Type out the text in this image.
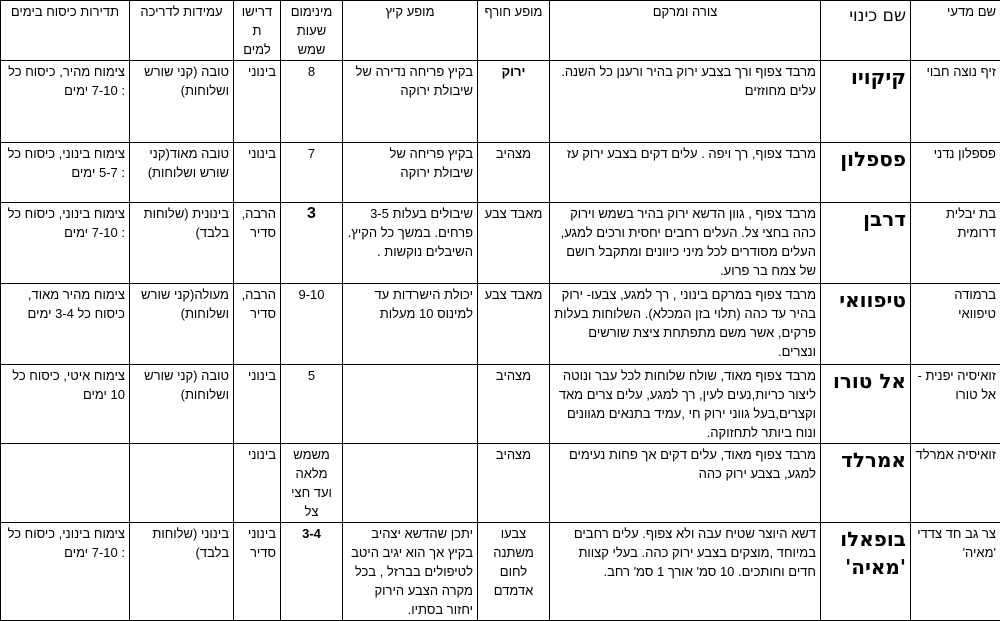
שם מדעי	שם כינוי	צורה ומרקם	מופע חורף	מופע קיץ	מינימום שעות שמש	דרישות למים	עמידות לדריכה	תדירות כיסוח בימים
זיף נוצה חבוי	קיקויו	מרבד צפוף ורך בצבע ירוק בהיר ורענן כל השנה. עלים מחוזזים	ירוק	בקיץ פריחה נדירה של שיבולת ירוקה	8	בינוני	טובה (קני שורש ושלוחות)	צימוח מהיר, כיסוח כל : 7-10 ימים
פספלון נדני	פספלון	מרבד צפוף, רך ויפה . עלים דקים בצבע ירוק עז	מצהיב	בקיץ פריחה של שיבולת ירוקה	7	בינוני	טובה מאוד(קני שורש ושלוחות)	צימוח בינוני, כיסוח כל : 5-7 ימים
בת יבלית דרומית	דרבן	מרבד צפוף , גוון הדשא ירוק בהיר בשמש וירוק כהה בחצי צל. העלים רחבים יחסית ורכים למגע, העלים מסודרים לכל מיני כיוונים ומתקבל רושם של צמח בר פרוע.	מאבד צבע	שיבולים בעלות 3-5 פרחים. במשך כל הקיץ. השיבלים נוקשות .	3	הרבה, סדיר	בינונית (שלוחות בלבד)	צימוח בינוני, כיסוח כל : 7-10 ימים
ברמודה טיפוואי	טיפוואי	מרבד צפוף במרקם בינוני , רך למגע, צבעו- ירוק בהיר עד כהה (תלוי בזן המכלא). השלוחות בעלות פרקים, אשר משם מתפתחת ציצת שורשים ונצרים.	מאבד צבע	יכולת הישרדות עד למינוס 10 מעלות	9-10	הרבה, סדיר	מעולה(קני שורש ושלוחות)	צימוח מהיר מאוד, כיסוח כל 3-4 ימים
זואיסיה יפנית - אל טורו	אל טורו	מרבד צפוף מאוד, שולח שלוחות לכל עבר ונוטה ליצור כריות,נעים לעין, רך למגע, עלים צרים מאד וקצרים,בעל גווני ירוק חי ,עמיד בתנאים מגוונים ונוח ביותר לתחזוקה.	מצהיב		5	בינוני	טובה (קני שורש ושלוחות)	צימוח איטי, כיסוח כל 10 ימים
זואיסיה אמרלד	אמרלד	מרבד צפוף מאוד, עלים דקים אך פחות נעימים למגע, בצבע ירוק כהה	מצהיב		משמש מלאה ועד חצי צל	בינוני		
צר גב חד צדדי 'מאיה'	בופאלו 'מאיה'	דשא היוצר שטיח עבה ולא צפוף. עלים רחבים במיוחד ,מוצקים בצבע ירוק כהה. בעלי קצוות חדים וחותכים. 10 סמ' אורך 1 סמ' רחב.	צבעו משתנה לחום אדמדם	יתכן שהדשא יצהיב בקיץ אך הוא יגיב היטב לטיפולים בברזל , בכל מקרה הצבע הירוק יחזור בסתיו.	3-4	בינוני סדיר	בינוני (שלוחות בלבד)	צימוח בינוני, כיסוח כל : 7-10 ימים
